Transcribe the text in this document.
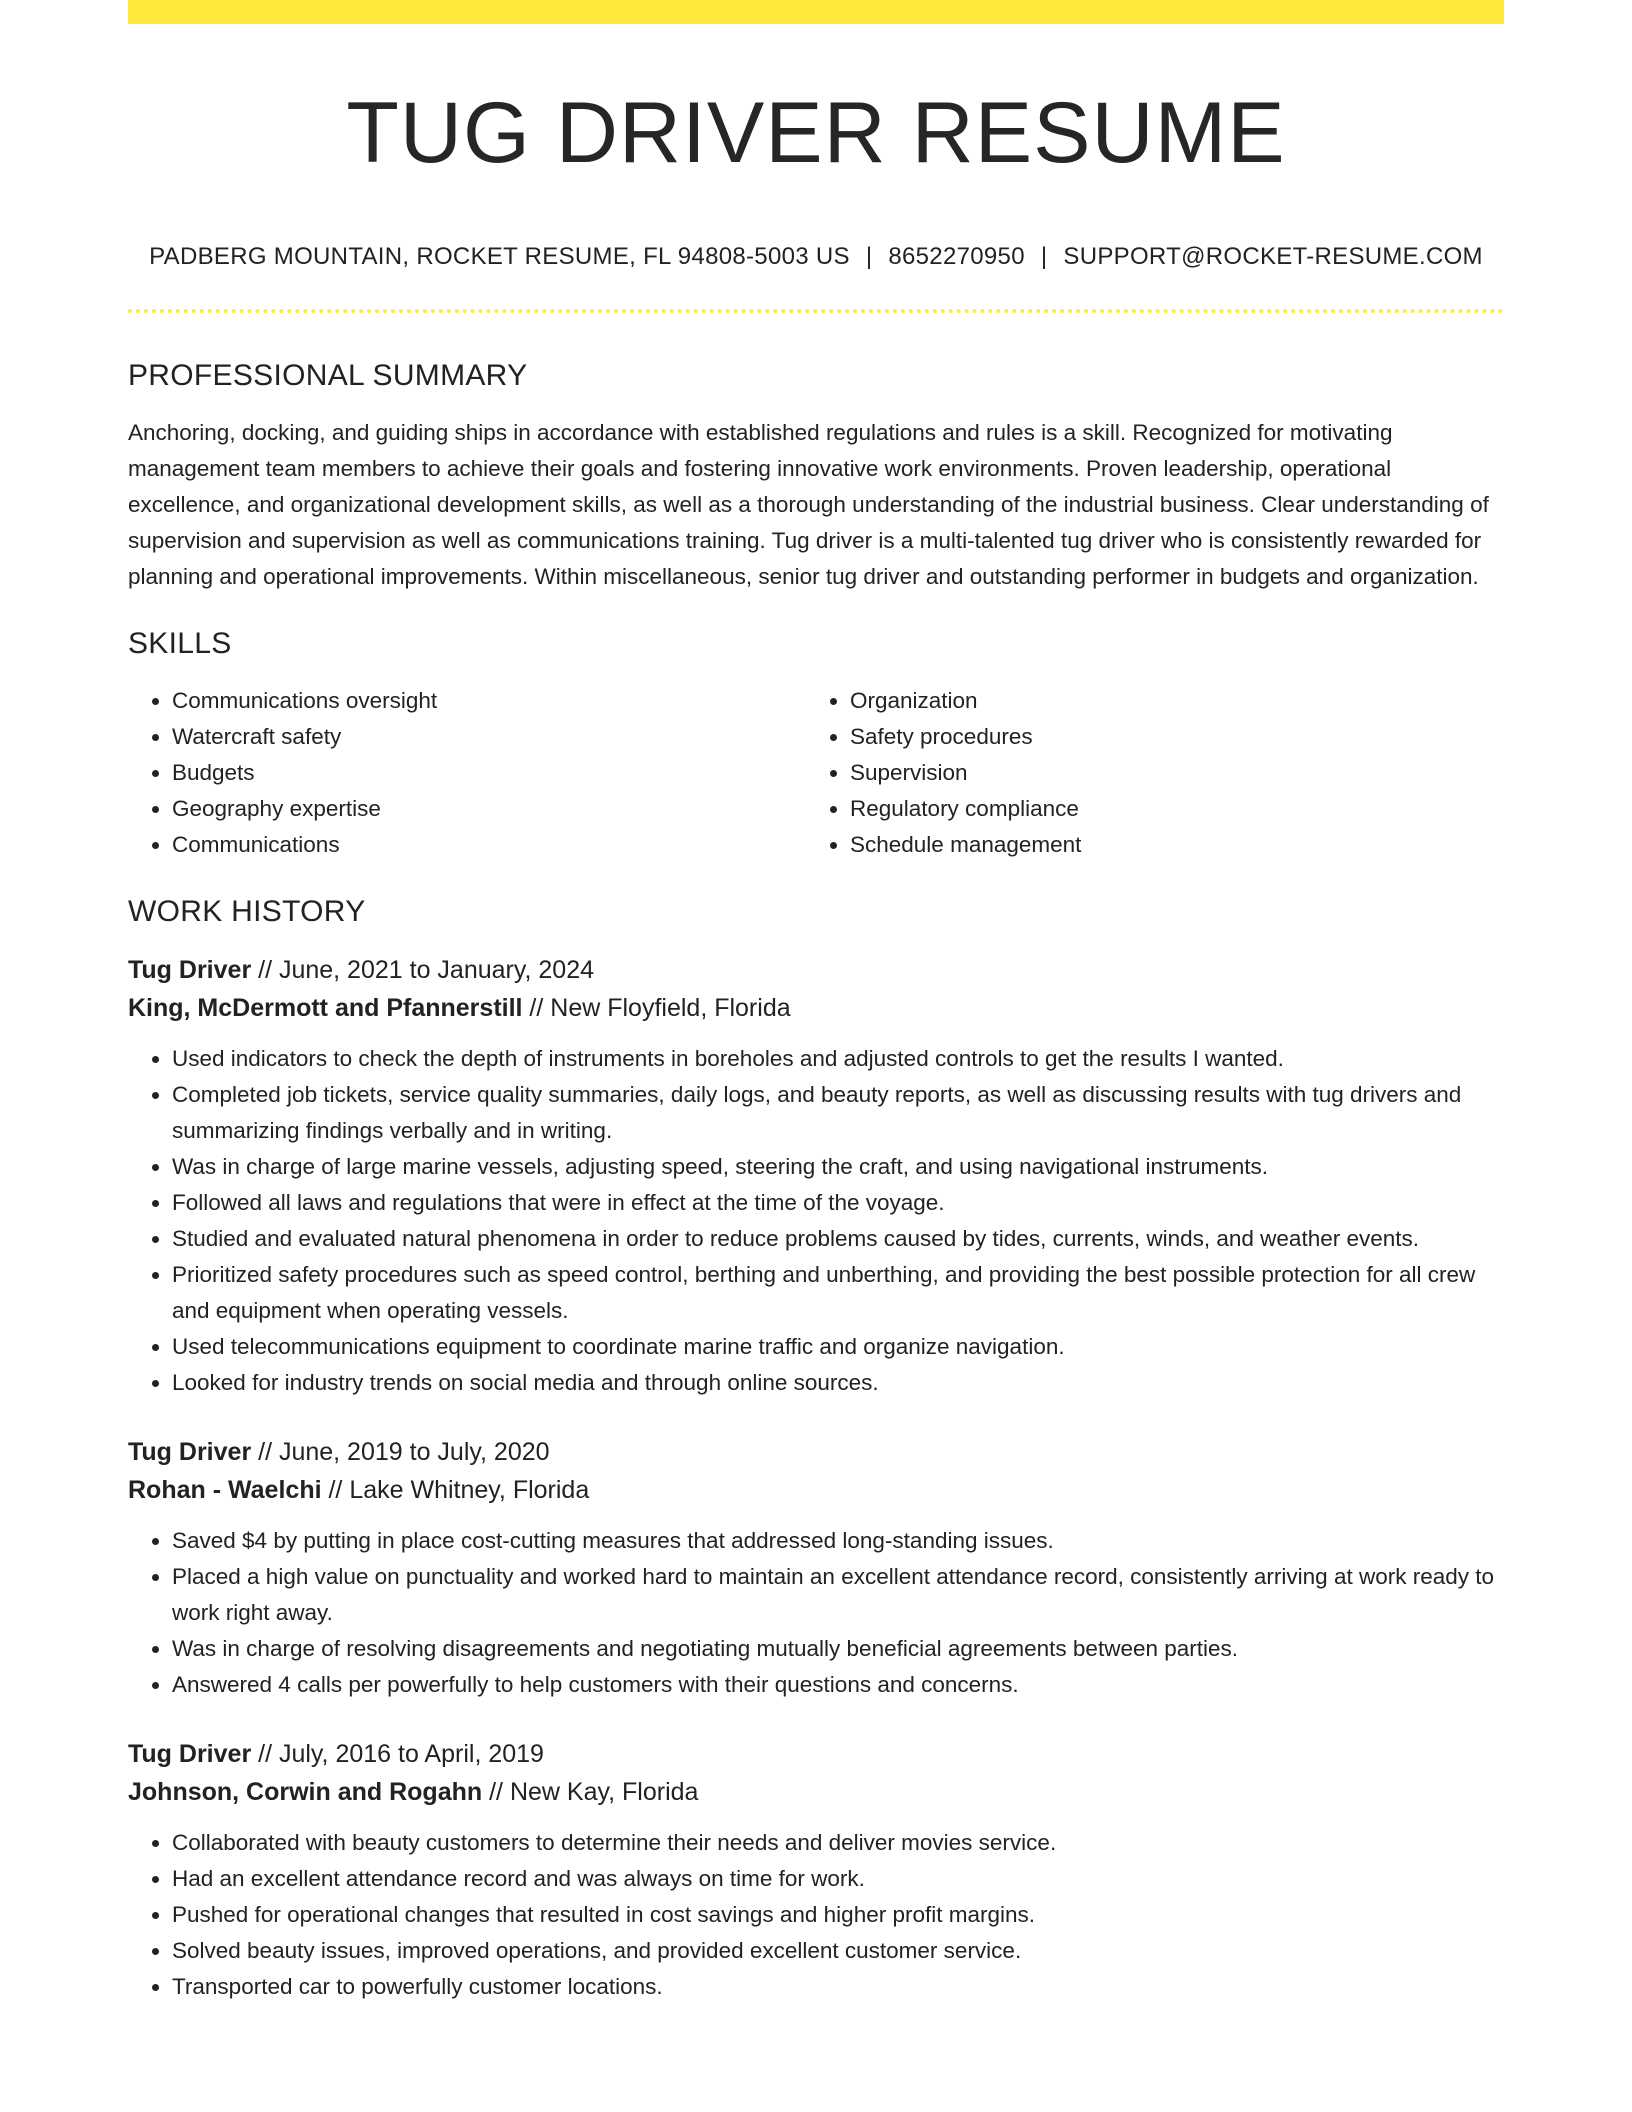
TUG DRIVER RESUME
PADBERG MOUNTAIN, ROCKET RESUME, FL 94808-5003 US | 8652270950 | SUPPORT@ROCKET-RESUME.COM
PROFESSIONAL SUMMARY

Anchoring, docking, and guiding ships in accordance with established regulations and rules is a skill. Recognized for motivating management team members to achieve their goals and fostering innovative work environments. Proven leadership, operational excellence, and organizational development skills, as well as a thorough understanding of the industrial business. Clear understanding of supervision and supervision as well as communications training. Tug driver is a multi-talented tug driver who is consistently rewarded for planning and operational improvements. Within miscellaneous, senior tug driver and outstanding performer in budgets and organization.

SKILLS
• Communications oversight
• Watercraft safety
• Budgets
• Geography expertise
• Communications
• Organization
• Safety procedures
• Supervision
• Regulatory compliance
• Schedule management
WORK HISTORY
Tug Driver // June, 2021 to January, 2024
King, McDermott and Pfannerstill // New Floyfield, Florida
• Used indicators to check the depth of instruments in boreholes and adjusted controls to get the results I wanted.
• Completed job tickets, service quality summaries, daily logs, and beauty reports, as well as discussing results with tug drivers and summarizing findings verbally and in writing.
• Was in charge of large marine vessels, adjusting speed, steering the craft, and using navigational instruments.
• Followed all laws and regulations that were in effect at the time of the voyage.
• Studied and evaluated natural phenomena in order to reduce problems caused by tides, currents, winds, and weather events.
• Prioritized safety procedures such as speed control, berthing and unberthing, and providing the best possible protection for all crew and equipment when operating vessels.
• Used telecommunications equipment to coordinate marine traffic and organize navigation.
• Looked for industry trends on social media and through online sources.
Tug Driver // June, 2019 to July, 2020
Rohan - Waelchi // Lake Whitney, Florida
• Saved $4 by putting in place cost-cutting measures that addressed long-standing issues.
• Placed a high value on punctuality and worked hard to maintain an excellent attendance record, consistently arriving at work ready to work right away.
• Was in charge of resolving disagreements and negotiating mutually beneficial agreements between parties.
• Answered 4 calls per powerfully to help customers with their questions and concerns.
Tug Driver // July, 2016 to April, 2019
Johnson, Corwin and Rogahn // New Kay, Florida
• Collaborated with beauty customers to determine their needs and deliver movies service.
• Had an excellent attendance record and was always on time for work.
• Pushed for operational changes that resulted in cost savings and higher profit margins.
• Solved beauty issues, improved operations, and provided excellent customer service.
• Transported car to powerfully customer locations.
